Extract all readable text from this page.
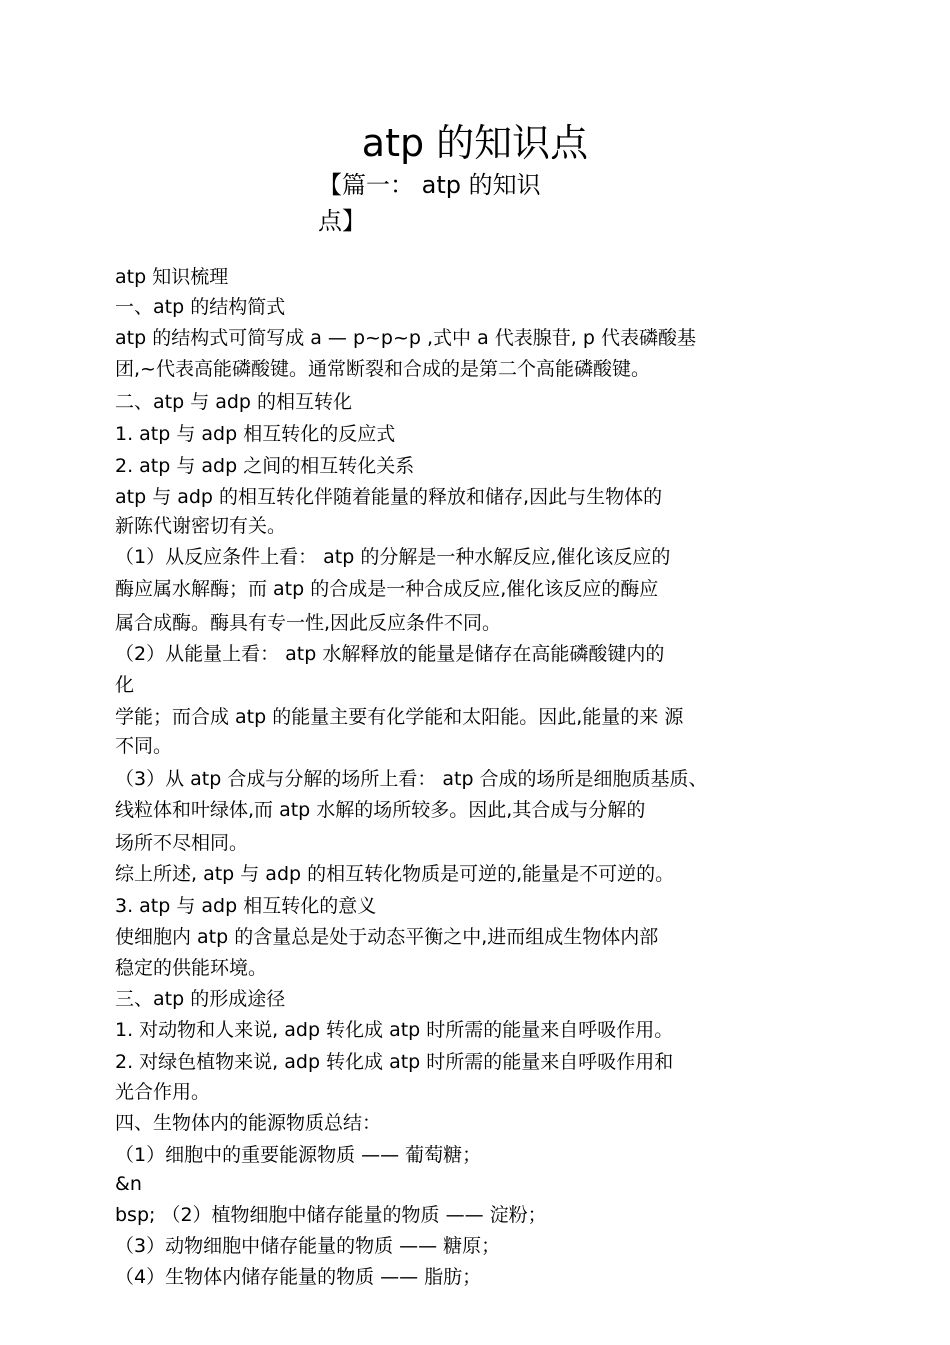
atp 的知识点
【篇一： atp 的知识
点】
atp 知识梳理
一、atp 的结构简式
atp 的结构式可简写成 a — p~p~p ,式中 a 代表腺苷, p 代表磷酸基
团,~代表高能磷酸键。通常断裂和合成的是第二个高能磷酸键。
二、atp 与 adp 的相互转化
1. atp 与 adp 相互转化的反应式
2. atp 与 adp 之间的相互转化关系
atp 与 adp 的相互转化伴随着能量的释放和储存,因此与生物体的
新陈代谢密切有关。
（1）从反应条件上看： atp 的分解是一种水解反应,催化该反应的
酶应属水解酶；而 atp 的合成是一种合成反应,催化该反应的酶应
属合成酶。酶具有专一性,因此反应条件不同。
（2）从能量上看： atp 水解释放的能量是储存在高能磷酸键内的
化
学能；而合成 atp 的能量主要有化学能和太阳能。因此,能量的来 源
不同。
（3）从 atp 合成与分解的场所上看： atp 合成的场所是细胞质基质、
线粒体和叶绿体,而 atp 水解的场所较多。因此,其合成与分解的
场所不尽相同。
综上所述, atp 与 adp 的相互转化物质是可逆的,能量是不可逆的。
3. atp 与 adp 相互转化的意义
使细胞内 atp 的含量总是处于动态平衡之中,进而组成生物体内部
稳定的供能环境。
三、atp 的形成途径
1. 对动物和人来说, adp 转化成 atp 时所需的能量来自呼吸作用。
2. 对绿色植物来说, adp 转化成 atp 时所需的能量来自呼吸作用和
光合作用。
四、生物体内的能源物质总结：
（1）细胞中的重要能源物质 —— 葡萄糖；
&n
bsp; （2）植物细胞中储存能量的物质 —— 淀粉；
（3）动物细胞中储存能量的物质 —— 糖原；
（4）生物体内储存能量的物质 —— 脂肪；
